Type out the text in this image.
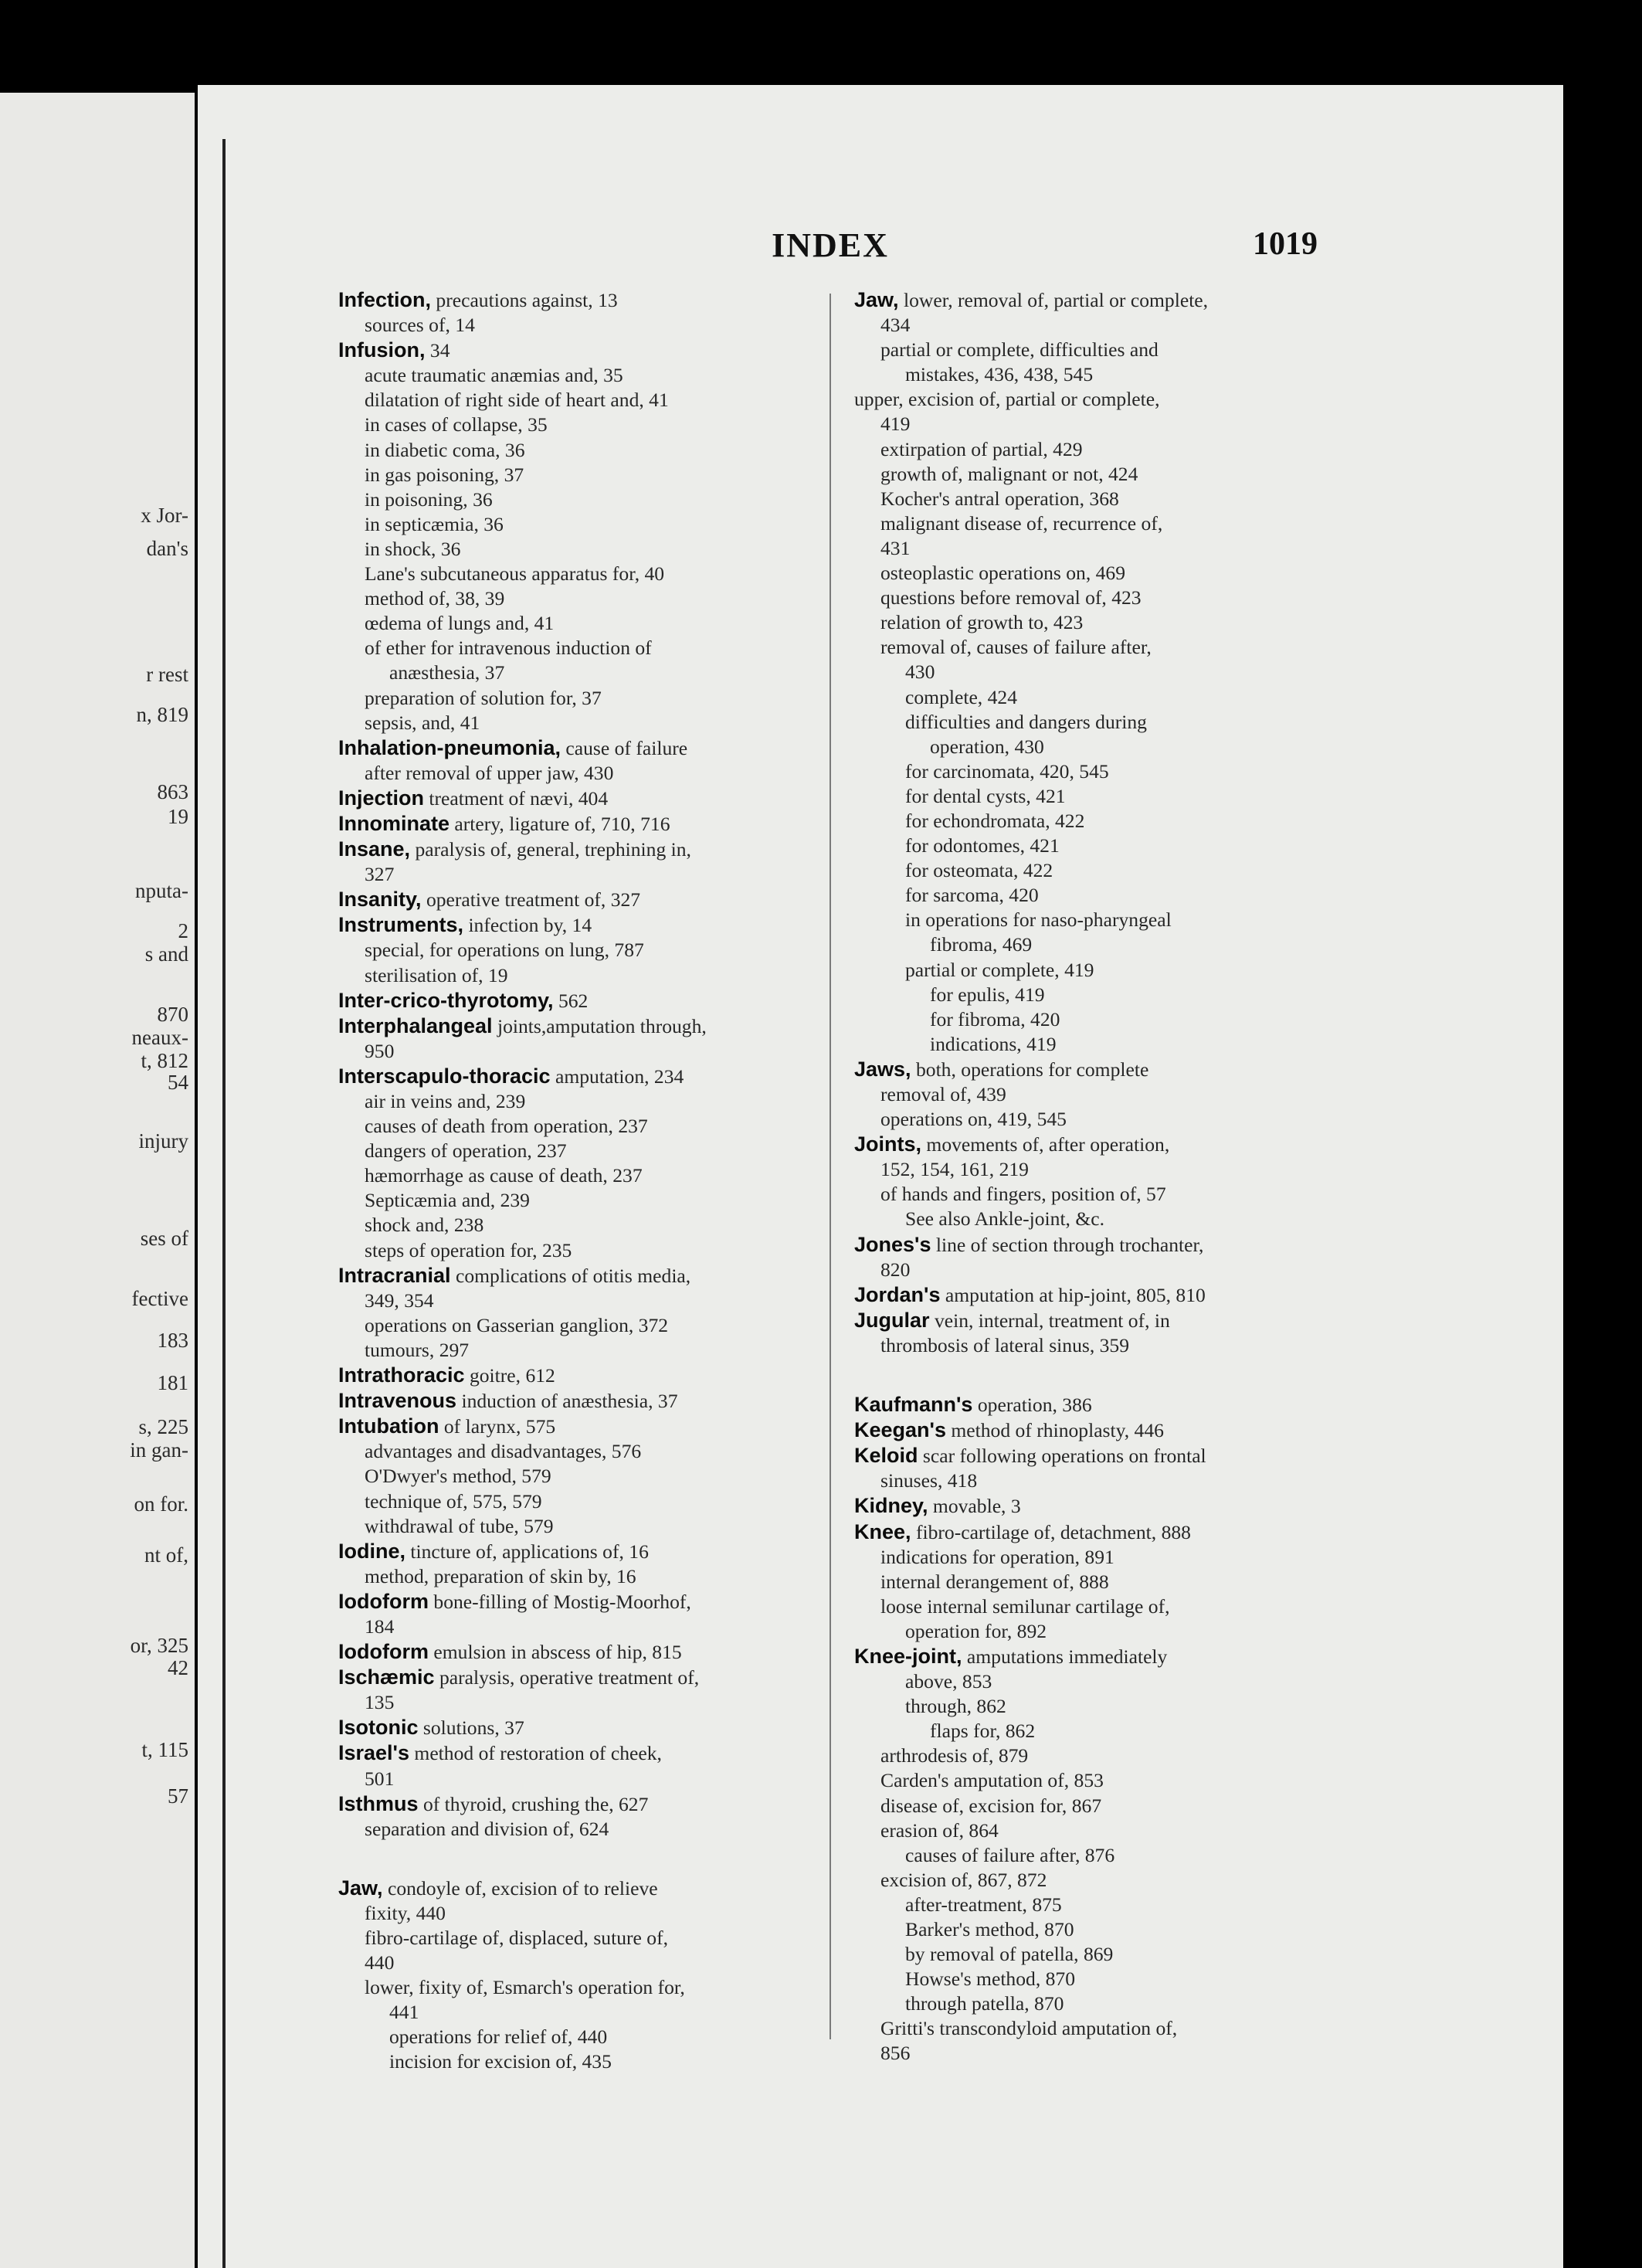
x Jor-
dan's
r rest
n, 819
863
19
nputa-
2
s and
870
neaux-
t, 812
54
injury
ses of
fective
183
181
s, 225
in gan-
on for.
nt of,
or, 325
42
t, 115
57
INDEX	1019
Infection, precautions against, 13
sources of, 14
Infusion, 34
acute traumatic anæmias and, 35
dilatation of right side of heart and, 41
in cases of collapse, 35
in diabetic coma, 36
in gas poisoning, 37
in poisoning, 36
in septicæmia, 36
in shock, 36
Lane's subcutaneous apparatus for, 40
method of, 38, 39
œdema of lungs and, 41
of ether for intravenous induction of
anæsthesia, 37
preparation of solution for, 37
sepsis, and, 41
Inhalation-pneumonia, cause of failure
after removal of upper jaw, 430
Injection treatment of nævi, 404
Innominate artery, ligature of, 710, 716
Insane, paralysis of, general, trephining in,
327
Insanity, operative treatment of, 327
Instruments, infection by, 14
special, for operations on lung, 787
sterilisation of, 19
Inter-crico-thyrotomy, 562
Interphalangeal joints,amputation through,
950
Interscapulo-thoracic amputation, 234
air in veins and, 239
causes of death from operation, 237
dangers of operation, 237
hæmorrhage as cause of death, 237
Septicæmia and, 239
shock and, 238
steps of operation for, 235
Intracranial complications of otitis media,
349, 354
operations on Gasserian ganglion, 372
tumours, 297
Intrathoracic goitre, 612
Intravenous induction of anæsthesia, 37
Intubation of larynx, 575
advantages and disadvantages, 576
O'Dwyer's method, 579
technique of, 575, 579
withdrawal of tube, 579
Iodine, tincture of, applications of, 16
method, preparation of skin by, 16
Iodoform bone-filling of Mostig-Moorhof,
184
Iodoform emulsion in abscess of hip, 815
Ischæmic paralysis, operative treatment of,
135
Isotonic solutions, 37
Israel's method of restoration of cheek,
501
Isthmus of thyroid, crushing the, 627
separation and division of, 624
Jaw, condoyle of, excision of to relieve
fixity, 440
fibro-cartilage of, displaced, suture of,
440
lower, fixity of, Esmarch's operation for,
441
operations for relief of, 440
incision for excision of, 435
Jaw, lower, removal of, partial or complete,
434
partial or complete, difficulties and
mistakes, 436, 438, 545
upper, excision of, partial or complete,
419
extirpation of partial, 429
growth of, malignant or not, 424
Kocher's antral operation, 368
malignant disease of, recurrence of,
431
osteoplastic operations on, 469
questions before removal of, 423
relation of growth to, 423
removal of, causes of failure after,
430
complete, 424
difficulties and dangers during
operation, 430
for carcinomata, 420, 545
for dental cysts, 421
for echondromata, 422
for odontomes, 421
for osteomata, 422
for sarcoma, 420
in operations for naso-pharyngeal
fibroma, 469
partial or complete, 419
for epulis, 419
for fibroma, 420
indications, 419
Jaws, both, operations for complete
removal of, 439
operations on, 419, 545
Joints, movements of, after operation,
152, 154, 161, 219
of hands and fingers, position of, 57
See also Ankle-joint, &c.
Jones's line of section through trochanter,
820
Jordan's amputation at hip-joint, 805, 810
Jugular vein, internal, treatment of, in
thrombosis of lateral sinus, 359
Kaufmann's operation, 386
Keegan's method of rhinoplasty, 446
Keloid scar following operations on frontal
sinuses, 418
Kidney, movable, 3
Knee, fibro-cartilage of, detachment, 888
indications for operation, 891
internal derangement of, 888
loose internal semilunar cartilage of,
operation for, 892
Knee-joint, amputations immediately
above, 853
through, 862
flaps for, 862
arthrodesis of, 879
Carden's amputation of, 853
disease of, excision for, 867
erasion of, 864
causes of failure after, 876
excision of, 867, 872
after-treatment, 875
Barker's method, 870
by removal of patella, 869
Howse's method, 870
through patella, 870
Gritti's transcondyloid amputation of,
856
